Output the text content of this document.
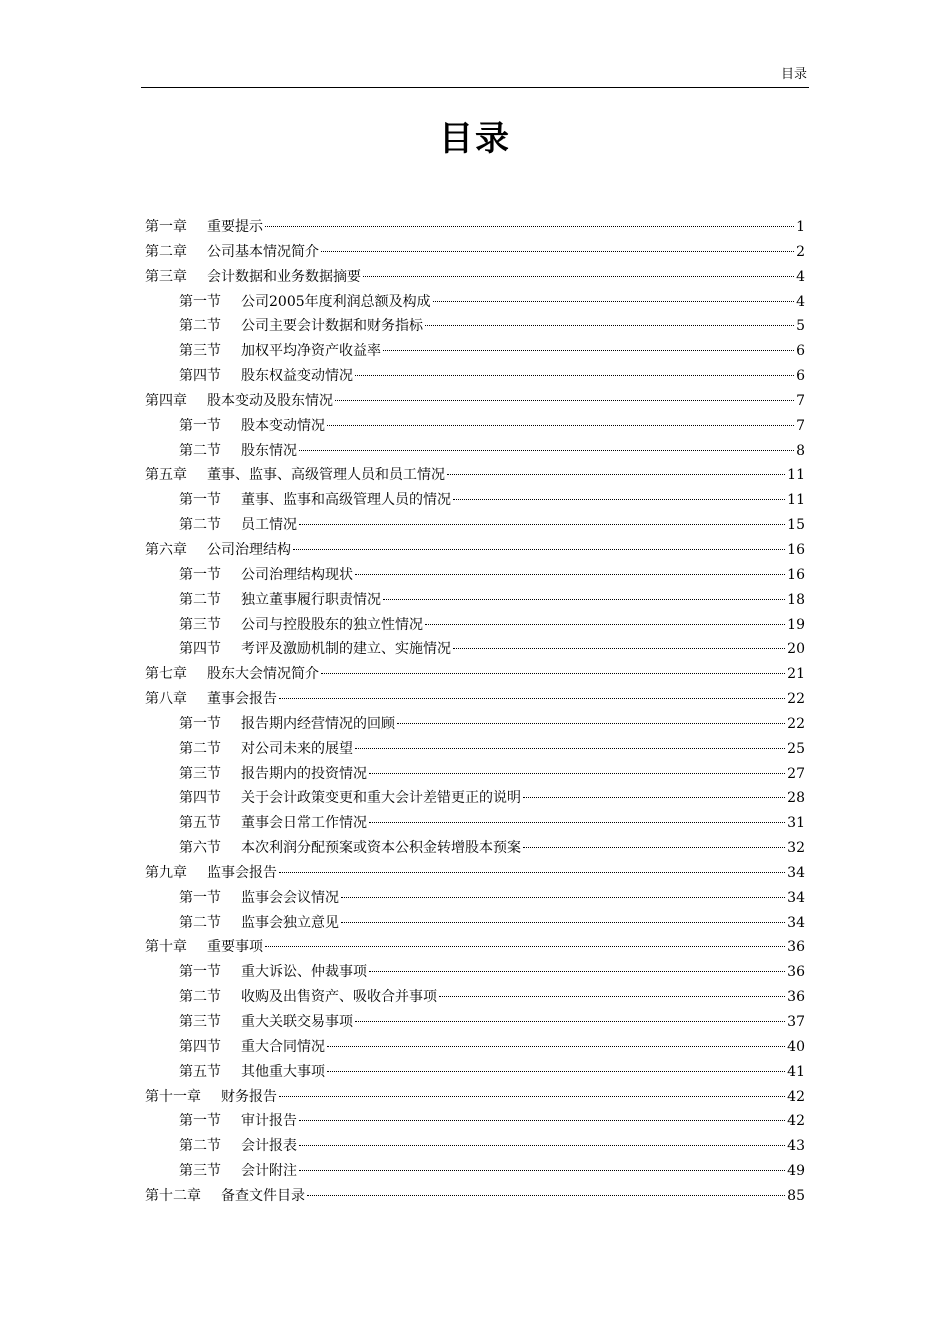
目录
目录
第一章 重要提示	1
第二章 公司基本情况简介	2
第三章 会计数据和业务数据摘要	4
第一节 公司2005年度利润总额及构成	4
第二节 公司主要会计数据和财务指标	5
第三节 加权平均净资产收益率	6
第四节 股东权益变动情况	6
第四章 股本变动及股东情况	7
第一节 股本变动情况	7
第二节 股东情况	8
第五章 董事、监事、高级管理人员和员工情况	11
第一节 董事、监事和高级管理人员的情况	11
第二节 员工情况	15
第六章 公司治理结构	16
第一节 公司治理结构现状	16
第二节 独立董事履行职责情况	18
第三节 公司与控股股东的独立性情况	19
第四节 考评及激励机制的建立、实施情况	20
第七章 股东大会情况简介	21
第八章 董事会报告	22
第一节 报告期内经营情况的回顾	22
第二节 对公司未来的展望	25
第三节 报告期内的投资情况	27
第四节 关于会计政策变更和重大会计差错更正的说明	28
第五节 董事会日常工作情况	31
第六节 本次利润分配预案或资本公积金转增股本预案	32
第九章 监事会报告	34
第一节 监事会会议情况	34
第二节 监事会独立意见	34
第十章 重要事项	36
第一节 重大诉讼、仲裁事项	36
第二节 收购及出售资产、吸收合并事项	36
第三节 重大关联交易事项	37
第四节 重大合同情况	40
第五节 其他重大事项	41
第十一章 财务报告	42
第一节 审计报告	42
第二节 会计报表	43
第三节 会计附注	49
第十二章 备查文件目录	85
